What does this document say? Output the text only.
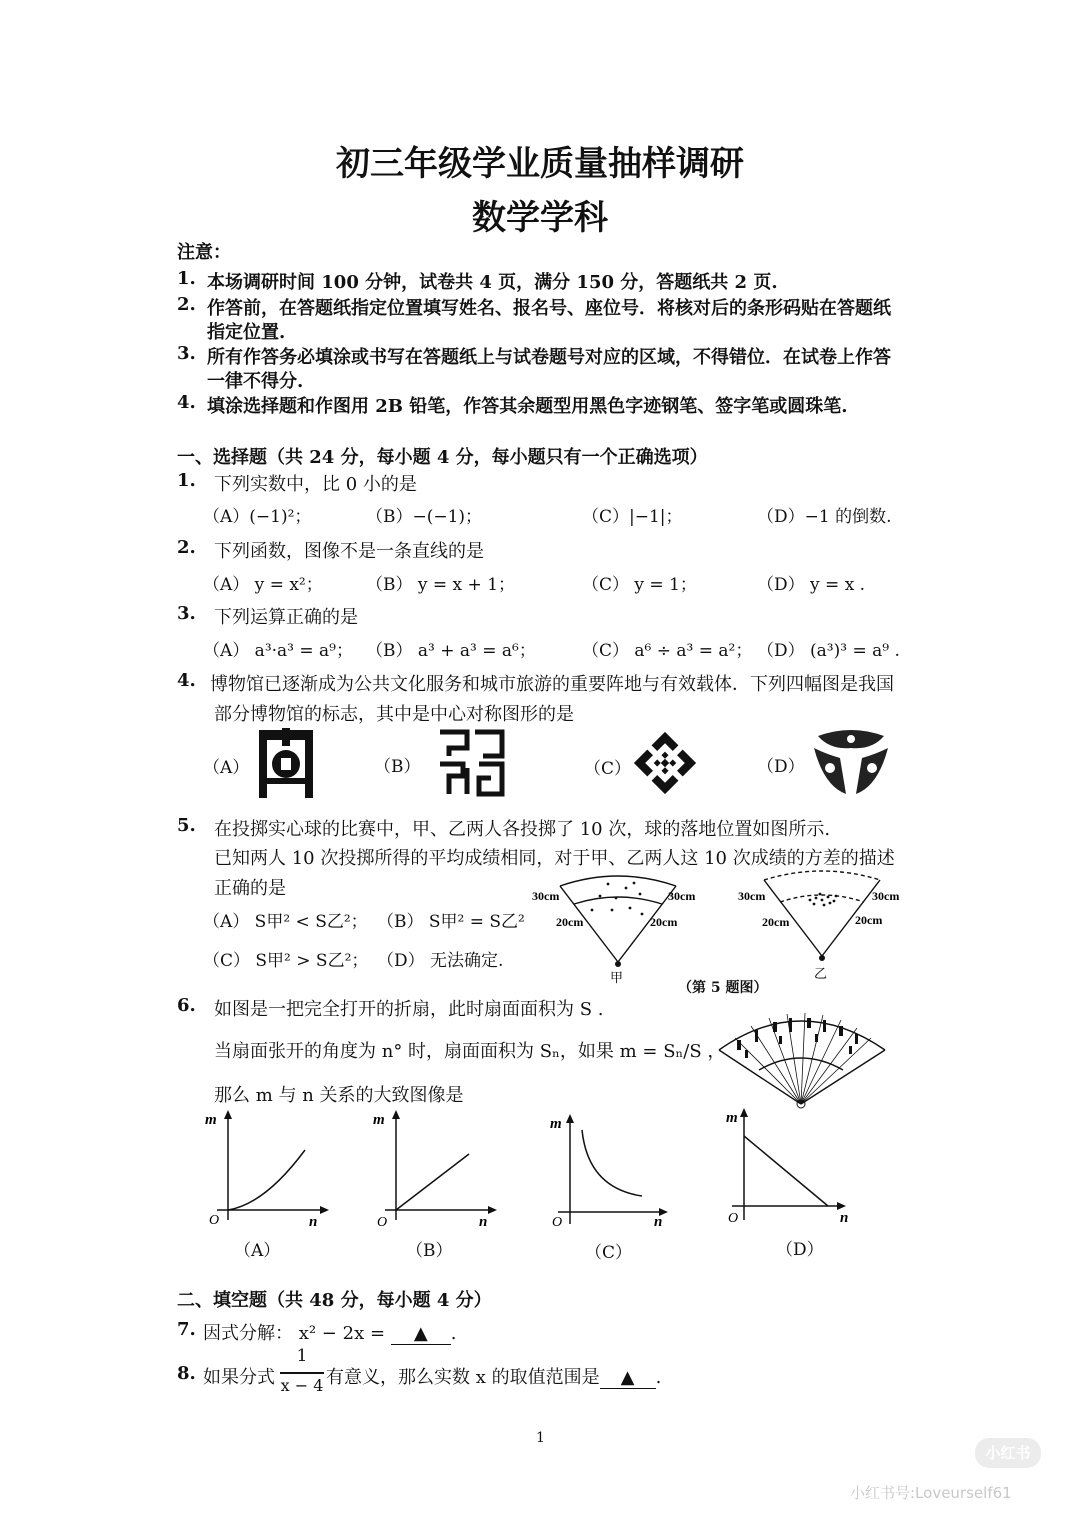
初三年级学业质量抽样调研
数学学科
注意：
1. 本场调研时间 100 分钟，试卷共 4 页，满分 150 分，答题纸共 2 页.
2. 作答前，在答题纸指定位置填写姓名、报名号、座位号．将核对后的条形码贴在答题纸
指定位置.
3. 所有作答务必填涂或书写在答题纸上与试卷题号对应的区域，不得错位．在试卷上作答
一律不得分.
4. 填涂选择题和作图用 2B 铅笔，作答其余题型用黑色字迹钢笔、签字笔或圆珠笔.
一、选择题（共 24 分，每小题 4 分，每小题只有一个正确选项）
1. 下列实数中，比 0 小的是
（A）(−1)²；	（B）−(−1)；	（C）|−1|；	（D）−1 的倒数.
2. 下列函数，图像不是一条直线的是
（A） y = x²；	（B） y = x + 1；	（C） y = 1；	（D） y = x .
3. 下列运算正确的是
（A） a³·a³ = a⁹； （B） a³ + a³ = a⁶；	（C） a⁶ ÷ a³ = a²； （D） (a³)³ = a⁹ .
4. 博物馆已逐渐成为公共文化服务和城市旅游的重要阵地与有效载体．下列四幅图是我国
部分博物馆的标志，其中是中心对称图形的是
（A）	（B）	（C）	（D）
5. 在投掷实心球的比赛中，甲、乙两人各投掷了 10 次，球的落地位置如图所示.
已知两人 10 次投掷所得的平均成绩相同，对于甲、乙两人这 10 次成绩的方差的描述
正确的是
（A） S甲² < S乙²； （B） S甲² = S乙²
（C） S甲² > S乙²； （D） 无法确定.
30cm	30cm
20cm	20cm
甲
30cm	30cm
20cm	20cm
乙
（第 5 题图）
6. 如图是一把完全打开的折扇，此时扇面面积为 S .
当扇面张开的角度为 n° 时，扇面面积为 Sₙ，如果 m = Sₙ/S ，
那么 m 与 n 关系的大致图像是
m
O	n
（A）
m
O	n
（B）
m
O	n
（C）
m
O	n
（D）
二、填空题（共 48 分，每小题 4 分）
7. 因式分解： x² − 2x = ▲ .
8. 如果分式
1
x − 4 有意义，那么实数 x 的取值范围是 ▲ .
1
小红书
小红书号:Loveurself61
